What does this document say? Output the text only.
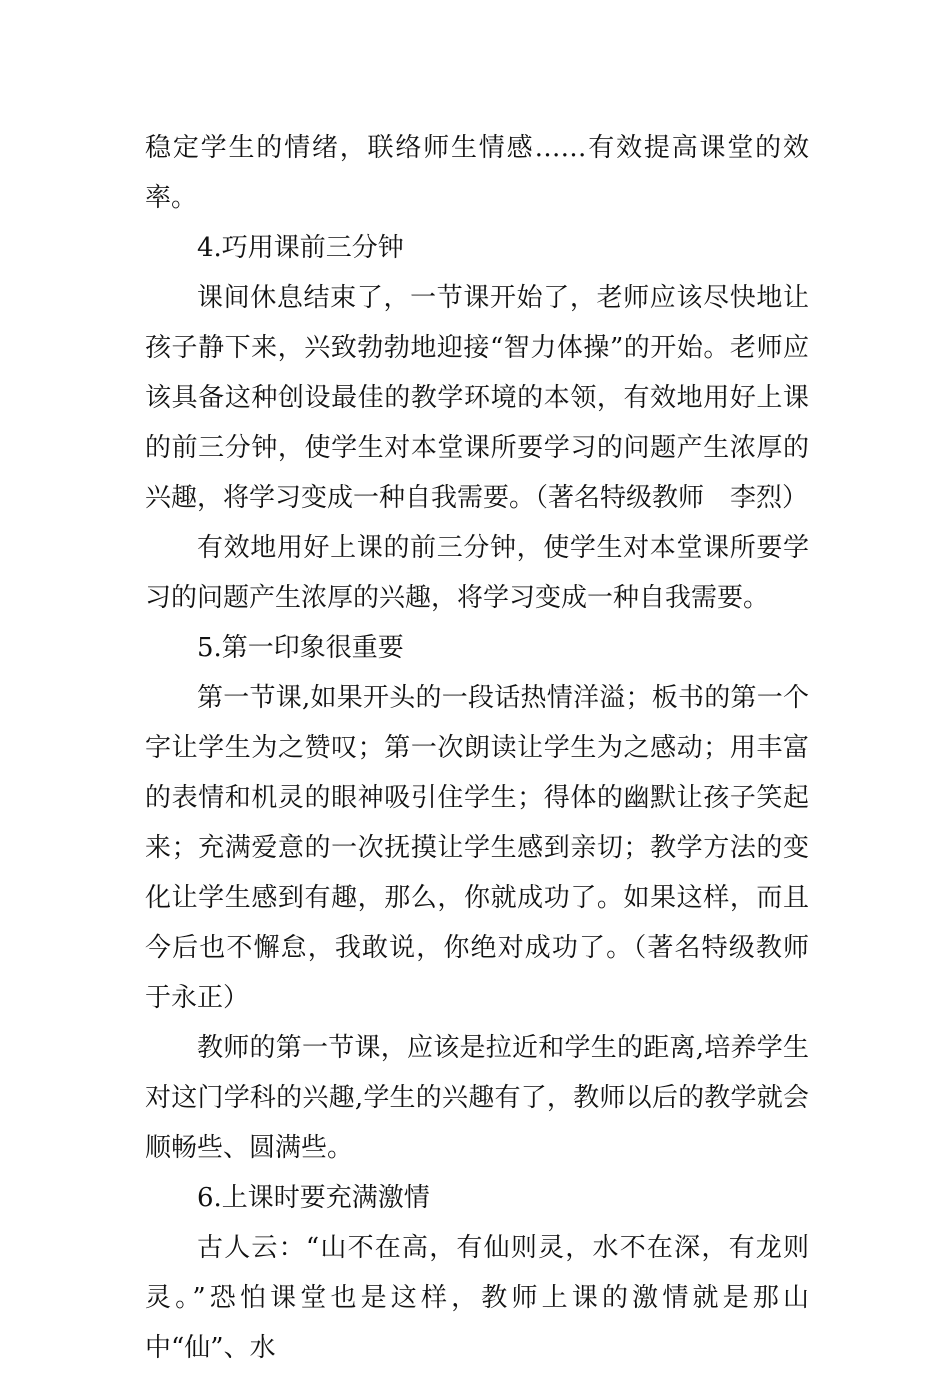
稳定学生的情绪，联络师生情感……有效提高课堂的效率。

4.巧用课前三分钟

课间休息结束了，一节课开始了，老师应该尽快地让孩子静下来，兴致勃勃地迎接“智力体操”的开始。老师应该具备这种创设最佳的教学环境的本领，有效地用好上课的前三分钟，使学生对本堂课所要学习的问题产生浓厚的兴趣，将学习变成一种自我需要。（著名特级教师　李烈）

有效地用好上课的前三分钟，使学生对本堂课所要学习的问题产生浓厚的兴趣，将学习变成一种自我需要。

5.第一印象很重要

第一节课,如果开头的一段话热情洋溢；板书的第一个字让学生为之赞叹；第一次朗读让学生为之感动；用丰富的表情和机灵的眼神吸引住学生；得体的幽默让孩子笑起来；充满爱意的一次抚摸让学生感到亲切；教学方法的变化让学生感到有趣，那么，你就成功了。如果这样，而且今后也不懈怠，我敢说，你绝对成功了。（著名特级教师　于永正）

教师的第一节课，应该是拉近和学生的距离,培养学生对这门学科的兴趣,学生的兴趣有了，教师以后的教学就会顺畅些、圆满些。

6.上课时要充满激情

古人云：“山不在高，有仙则灵，水不在深，有龙则灵。”恐怕课堂也是这样，教师上课的激情就是那山中“仙”、水
